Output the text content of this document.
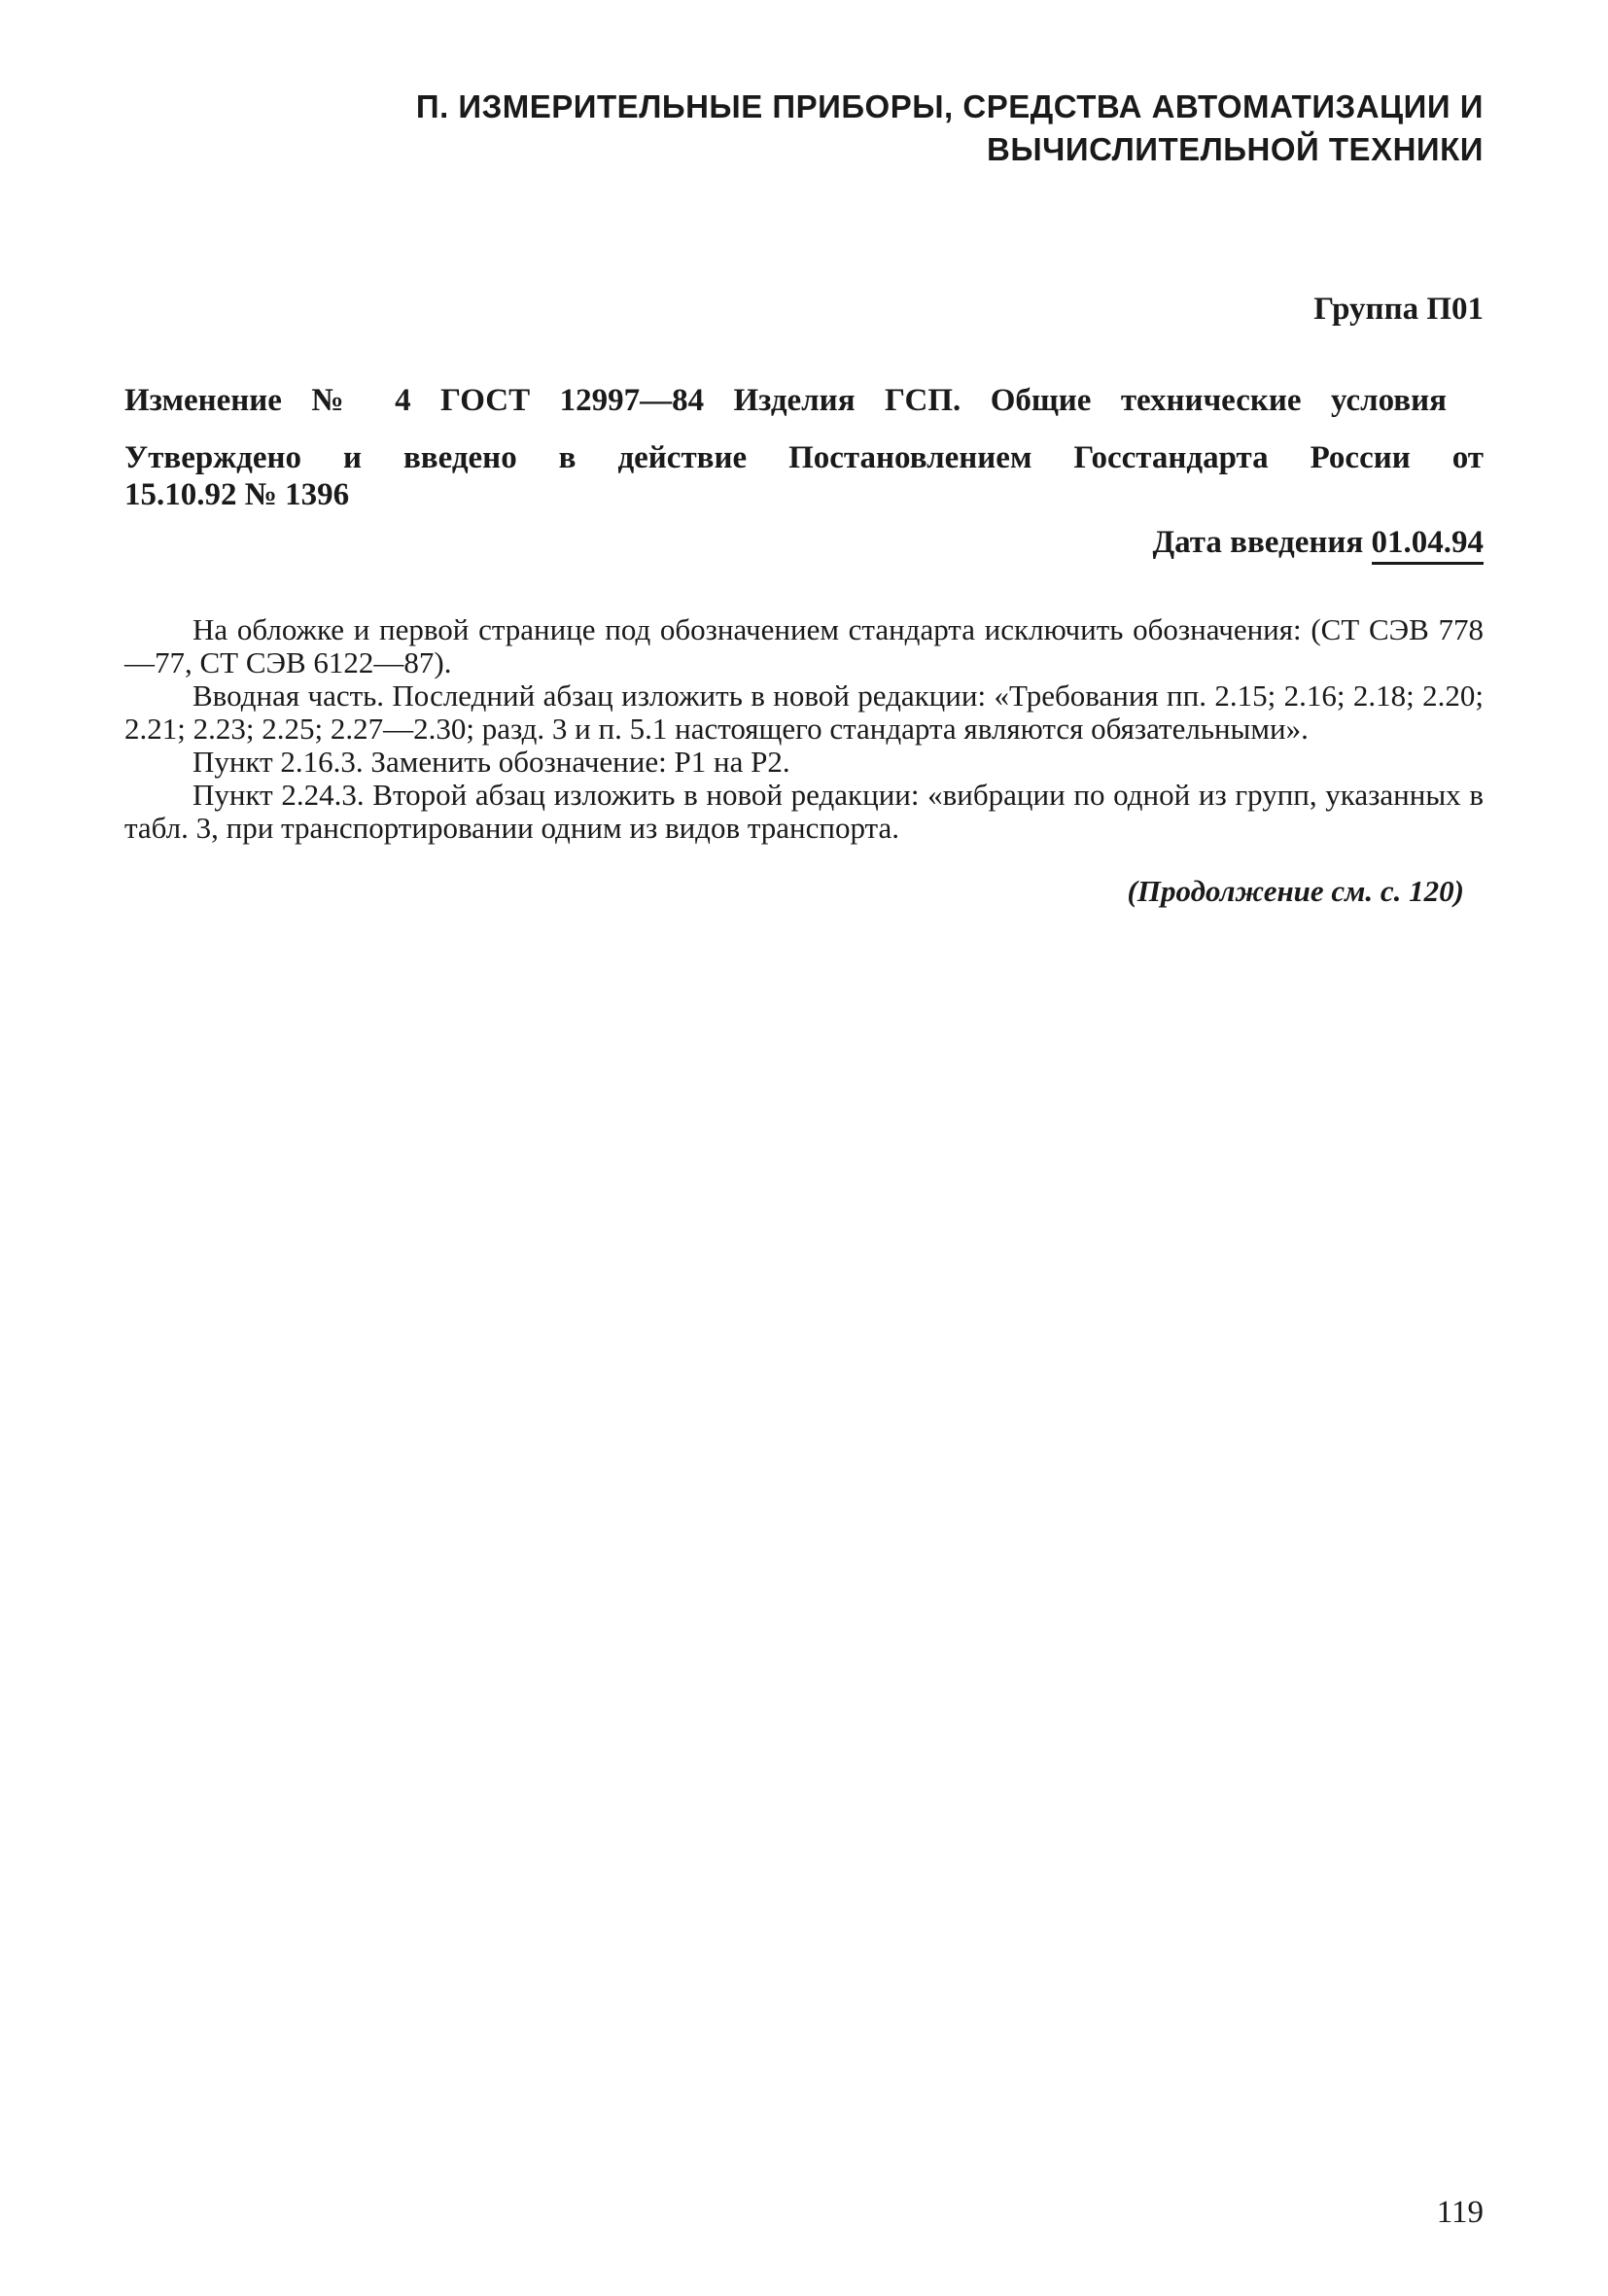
П. ИЗМЕРИТЕЛЬНЫЕ ПРИБОРЫ, СРЕДСТВА АВТОМАТИЗАЦИИ И
ВЫЧИСЛИТЕЛЬНОЙ ТЕХНИКИ
Группа П01
Изменение № 4 ГОСТ 12997—84 Изделия ГСП. Общие технические условия
Утверждено и введено в действие Постановлением Госстандарта России от
15.10.92 № 1396
Дата введения 01.04.94

На обложке и первой странице под обозначением стандарта исключить обозначения: (СТ СЭВ 778—77, СТ СЭВ 6122—87).

Вводная часть. Последний абзац изложить в новой редакции: «Требования пп. 2.15; 2.16; 2.18; 2.20; 2.21; 2.23; 2.25; 2.27—2.30; разд. 3 и п. 5.1 настоящего стандарта являются обязательными».

Пункт 2.16.3. Заменить обозначение: Р1 на Р2.

Пункт 2.24.3. Второй абзац изложить в новой редакции: «вибрации по одной из групп, указанных в табл. 3, при транспортировании одним из видов транспорта.

(Продолжение см. с. 120)
119
